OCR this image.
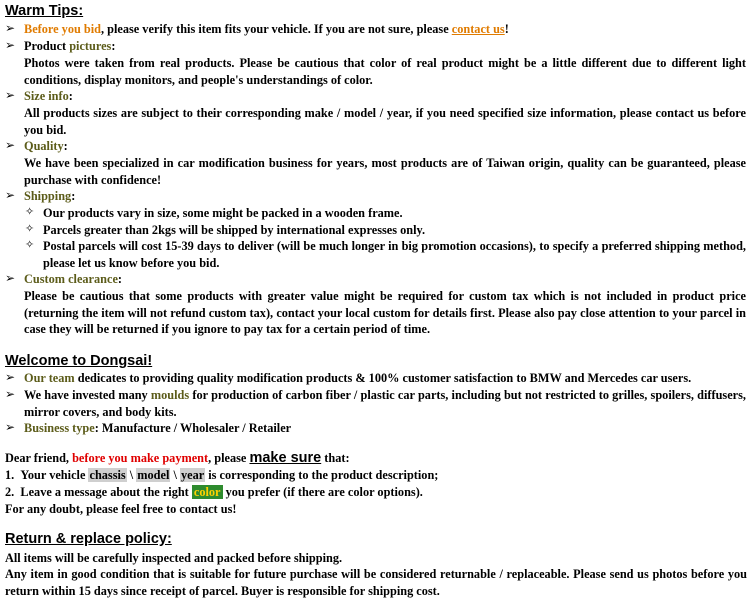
Warm Tips:
➢ Before you bid, please verify this item fits your vehicle. If you are not sure, please contact us!
➢ Product pictures:
Photos were taken from real products. Please be cautious that color of real product might be a little different due to different light conditions, display monitors, and people's understandings of color.
➢ Size info:
All products sizes are subject to their corresponding make / model / year, if you need specified size information, please contact us before you bid.
➢ Quality:
We have been specialized in car modification business for years, most products are of Taiwan origin, quality can be guaranteed, please purchase with confidence!
➢ Shipping:
✧ Our products vary in size, some might be packed in a wooden frame.
✧ Parcels greater than 2kgs will be shipped by international expresses only.
✧ Postal parcels will cost 15-39 days to deliver (will be much longer in big promotion occasions), to specify a preferred shipping method, please let us know before you bid.
➢ Custom clearance:
Please be cautious that some products with greater value might be required for custom tax which is not included in product price (returning the item will not refund custom tax), contact your local custom for details first. Please also pay close attention to your parcel in case they will be returned if you ignore to pay tax for a certain period of time.
Welcome to Dongsai!
➢ Our team dedicates to providing quality modification products & 100% customer satisfaction to BMW and Mercedes car users.
➢ We have invested many moulds for production of carbon fiber / plastic car parts, including but not restricted to grilles, spoilers, diffusers, mirror covers, and body kits.
➢ Business type: Manufacture / Wholesaler / Retailer
Dear friend, before you make payment, please make sure that:
1. Your vehicle chassis \ model \ year is corresponding to the product description;
2. Leave a message about the right color you prefer (if there are color options).
For any doubt, please feel free to contact us!
Return & replace policy:
All items will be carefully inspected and packed before shipping.
Any item in good condition that is suitable for future purchase will be considered returnable / replaceable. Please send us photos before you return within 15 days since receipt of parcel. Buyer is responsible for shipping cost.
